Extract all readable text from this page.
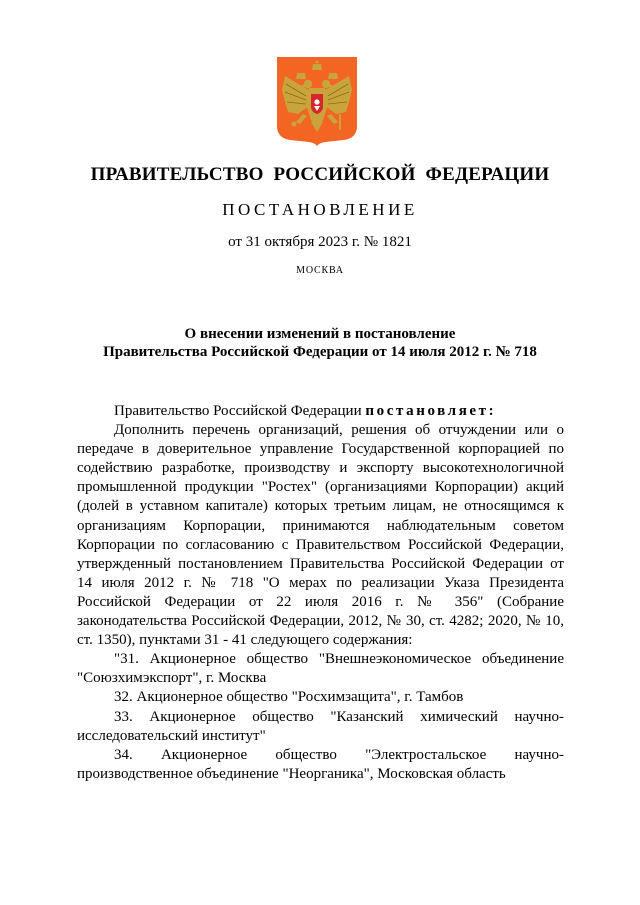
ПРАВИТЕЛЬСТВО РОССИЙСКОЙ ФЕДЕРАЦИИ
ПОСТАНОВЛЕНИЕ
от 31 октября 2023 г. № 1821
МОСКВА
О внесении изменений в постановление
Правительства Российской Федерации от 14 июля 2012 г. № 718

Правительство Российской Федерации постановляет:

Дополнить перечень организаций, решения об отчуждении или о передаче в доверительное управление Государственной корпорацией по содействию разработке, производству и экспорту высокотехнологичной промышленной продукции "Ростех" (организациями Корпорации) акций (долей в уставном капитале) которых третьим лицам, не относящимся к организациям Корпорации, принимаются наблюдательным советом Корпорации по согласованию с Правительством Российской Федерации, утвержденный постановлением Правительства Российской Федерации от 14 июля 2012 г. № 718 "О мерах по реализации Указа Президента Российской Федерации от 22 июля 2016 г. № 356" (Собрание законодательства Российской Федерации, 2012, № 30, ст. 4282; 2020, № 10, ст. 1350), пунктами 31 - 41 следующего содержания:

"31. Акционерное общество "Внешнеэкономическое объединение "Союзхимэкспорт", г. Москва

32. Акционерное общество "Росхимзащита", г. Тамбов

33. Акционерное общество "Казанский химический научно-исследовательский институт"

34. Акционерное общество "Электростальское научно-производственное объединение "Неорганика", Московская область
